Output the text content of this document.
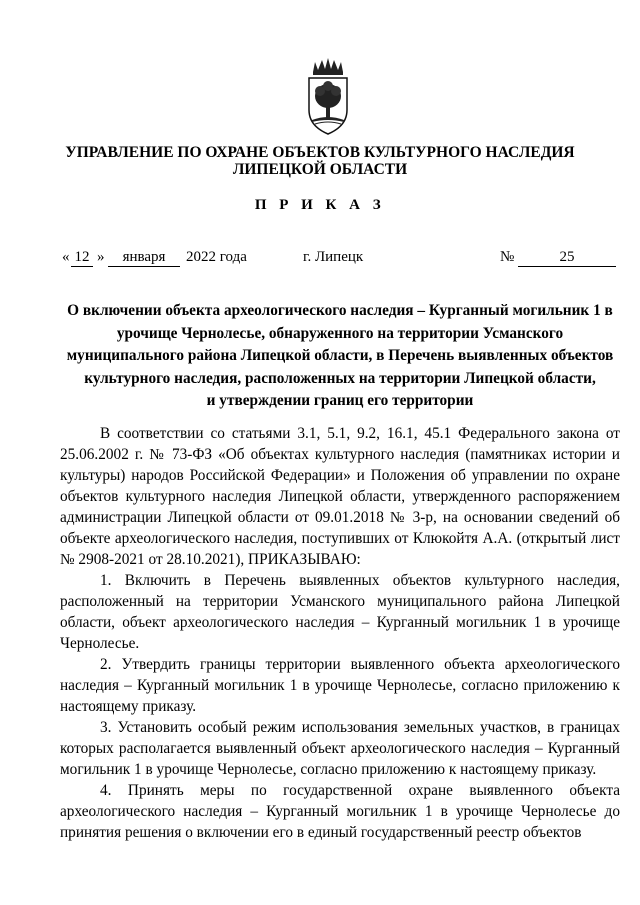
УПРАВЛЕНИЕ ПО ОХРАНЕ ОБЪЕКТОВ КУЛЬТУРНОГО НАСЛЕДИЯ
ЛИПЕЦКОЙ ОБЛАСТИ
П Р И К А З
« 12 »	января	2022 года	г. Липецк	№	25
О включении объекта археологического наследия – Курганный могильник 1 в
урочище Чернолесье, обнаруженного на территории Усманского
муниципального района Липецкой области, в Перечень выявленных объектов
культурного наследия, расположенных на территории Липецкой области,
и утверждении границ его территории

В соответствии со статьями 3.1, 5.1, 9.2, 16.1, 45.1 Федерального закона от 25.06.2002 г. № 73-ФЗ «Об объектах культурного наследия (памятниках истории и культуры) народов Российской Федерации» и Положения об управлении по охране объектов культурного наследия Липецкой области, утвержденного распоряжением администрации Липецкой области от 09.01.2018 № 3-р, на основании сведений об объекте археологического наследия, поступивших от Клюкойтя А.А. (открытый лист № 2908-2021 от 28.10.2021), ПРИКАЗЫВАЮ:

1. Включить в Перечень выявленных объектов культурного наследия, расположенный на территории Усманского муниципального района Липецкой области, объект археологического наследия – Курганный могильник 1 в урочище Чернолесье.

2. Утвердить границы территории выявленного объекта археологического наследия – Курганный могильник 1 в урочище Чернолесье, согласно приложению к настоящему приказу.

3. Установить особый режим использования земельных участков, в границах которых располагается выявленный объект археологического наследия – Курганный могильник 1 в урочище Чернолесье, согласно приложению к настоящему приказу.

4. Принять меры по государственной охране выявленного объекта археологического наследия – Курганный могильник 1 в урочище Чернолесье до принятия решения о включении его в единый государственный реестр объектов
